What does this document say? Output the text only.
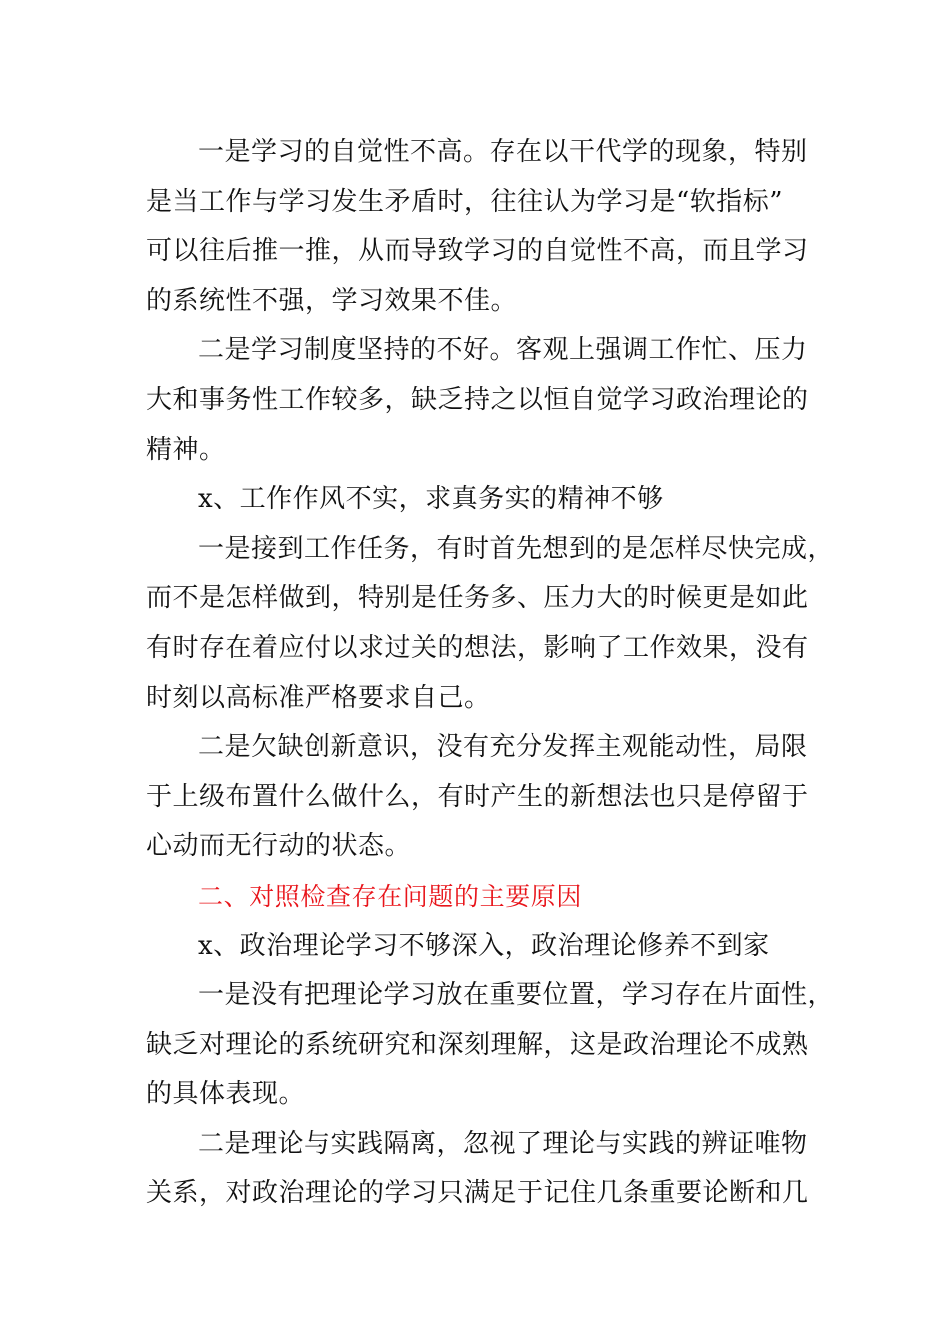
一是学习的自觉性不高。存在以干代学的现象，特别
是当工作与学习发生矛盾时，往往认为学习是“软指标”
可以往后推一推，从而导致学习的自觉性不高，而且学习
的系统性不强，学习效果不佳。
二是学习制度坚持的不好。客观上强调工作忙、压力
大和事务性工作较多，缺乏持之以恒自觉学习政治理论的
精神。
x、工作作风不实，求真务实的精神不够
一是接到工作任务，有时首先想到的是怎样尽快完成，
而不是怎样做到，特别是任务多、压力大的时候更是如此
有时存在着应付以求过关的想法，影响了工作效果，没有
时刻以高标准严格要求自己。
二是欠缺创新意识，没有充分发挥主观能动性，局限
于上级布置什么做什么，有时产生的新想法也只是停留于
心动而无行动的状态。
二、对照检查存在问题的主要原因
x、政治理论学习不够深入，政治理论修养不到家
一是没有把理论学习放在重要位置，学习存在片面性，
缺乏对理论的系统研究和深刻理解，这是政治理论不成熟
的具体表现。
二是理论与实践隔离，忽视了理论与实践的辨证唯物
关系，对政治理论的学习只满足于记住几条重要论断和几
